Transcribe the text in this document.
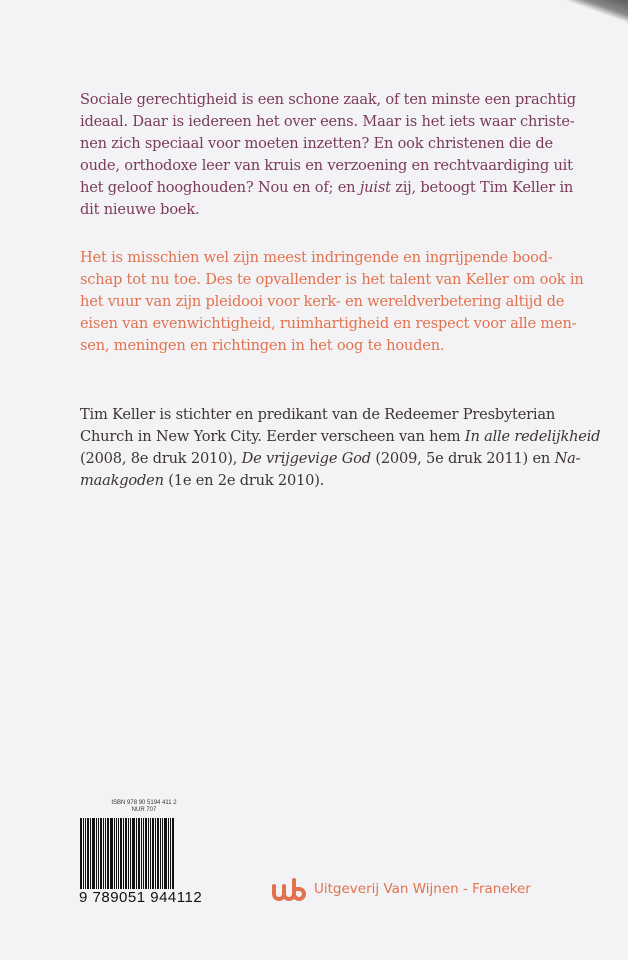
Sociale gerechtigheid is een schone zaak, of ten minste een prachtig
ideaal. Daar is iedereen het over eens. Maar is het iets waar christe-
nen zich speciaal voor moeten inzetten? En ook christenen die de
oude, orthodoxe leer van kruis en verzoening en rechtvaardiging uit
het geloof hooghouden? Nou en of; en juist zij, betoogt Tim Keller in
dit nieuwe boek.
Het is misschien wel zijn meest indringende en ingrijpende bood-
schap tot nu toe. Des te opvallender is het talent van Keller om ook in
het vuur van zijn pleidooi voor kerk- en wereldverbetering altijd de
eisen van evenwichtigheid, ruimhartigheid en respect voor alle men-
sen, meningen en richtingen in het oog te houden.
Tim Keller is stichter en predikant van de Redeemer Presbyterian
Church in New York City. Eerder verscheen van hem In alle redelijkheid
(2008, 8e druk 2010), De vrijgevige God (2009, 5e druk 2011) en Na-
maakgoden (1e en 2e druk 2010).
ISBN 978 90 5194 411 2
NUR 707
9 789051 944112	Uitgeverij Van Wijnen - Franeker
